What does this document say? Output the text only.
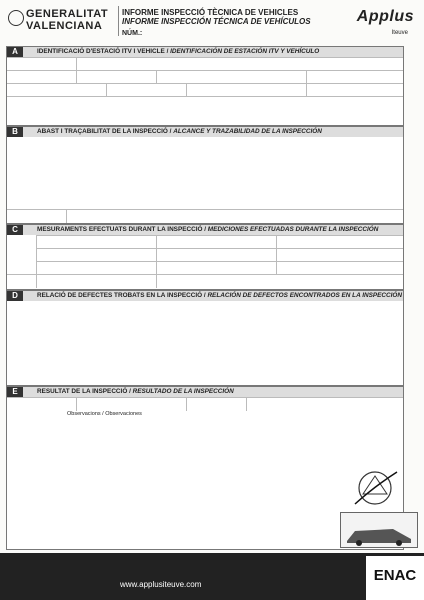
GENERALITAT VALENCIANA
INFORME INSPECCIÓ TÈCNICA DE VEHICLES
INFORME INSPECCIÓN TÉCNICA DE VEHÍCULOS
NÚM.:
Applus
Iteuve
A	IDENTIFICACIÓ D'ESTACIÓ ITV I VEHICLE / IDENTIFICACIÓN DE ESTACIÓN ITV Y VEHÍCULO
B	ABAST I TRAÇABILITAT DE LA INSPECCIÓ / ALCANCE Y TRAZABILIDAD DE LA INSPECCIÓN
C	MESURAMENTS EFECTUATS DURANT LA INSPECCIÓ / MEDICIONES EFECTUADAS DURANTE LA INSPECCIÓN
D	RELACIÓ DE DEFECTES TROBATS EN LA INSPECCIÓ / RELACIÓN DE DEFECTOS ENCONTRADOS EN LA INSPECCIÓN
E	RESULTAT DE LA INSPECCIÓ / RESULTADO DE LA INSPECCIÓN
Observacions / Observaciones
www.applusiteuve.com
ENAC
